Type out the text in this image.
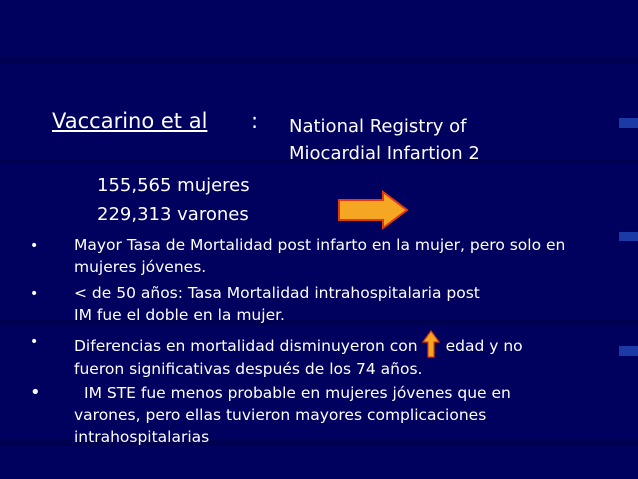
Vaccarino et al : National Registry of
Miocardial Infartion 2
155,565 mujeres
229,313 varones
• Mayor Tasa de Mortalidad post infarto en la mujer, pero solo en mujeres jóvenes.
• < de 50 años: Tasa Mortalidad intrahospitalaria post IM fue el doble en la mujer.
• Diferencias en mortalidad disminuyeron con edad y no fueron significativas después de los 74 años.
•	IM STE fue menos probable en mujeres jóvenes que en varones, pero ellas tuvieron mayores complicaciones intrahospitalarias
